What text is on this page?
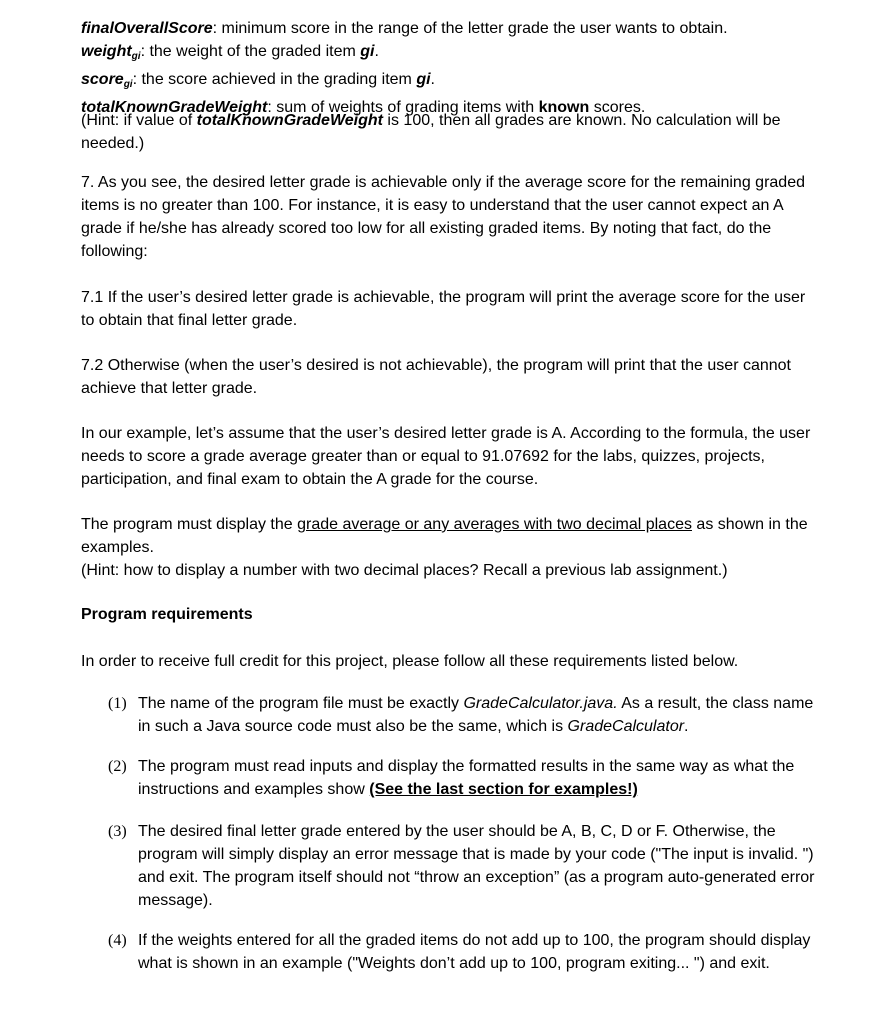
finalOverallScore: minimum score in the range of the letter grade the user wants to obtain.
weight$_{gi}$: the weight of the graded item gi.
score$_{gi}$: the score achieved in the grading item gi.
totalKnownGradeWeight: sum of weights of grading items with known scores.

(Hint: if value of totalKnownGradeWeight is 100, then all grades are known. No calculation will be needed.)

7. As you see, the desired letter grade is achievable only if the average score for the remaining graded items is no greater than 100. For instance, it is easy to understand that the user cannot expect an A grade if he/she has already scored too low for all existing graded items. By noting that fact, do the following:

7.1 If the user’s desired letter grade is achievable, the program will print the average score for the user to obtain that final letter grade.

7.2 Otherwise (when the user’s desired is not achievable), the program will print that the user cannot achieve that letter grade.

In our example, let’s assume that the user’s desired letter grade is A. According to the formula, the user needs to score a grade average greater than or equal to 91.07692 for the labs, quizzes, projects, participation, and final exam to obtain the A grade for the course.

The program must display the grade average or any averages with two decimal places as shown in the examples.

(Hint: how to display a number with two decimal places? Recall a previous lab assignment.)

Program requirements

In order to receive full credit for this project, please follow all these requirements listed below.

(1) The name of the program file must be exactly GradeCalculator.java. As a result, the class name in such a Java source code must also be the same, which is GradeCalculator.
(2) The program must read inputs and display the formatted results in the same way as what the instructions and examples show (See the last section for examples!)
(3) The desired final letter grade entered by the user should be A, B, C, D or F. Otherwise, the program will simply display an error message that is made by your code ("The input is invalid. ") and exit. The program itself should not “throw an exception” (as a program auto-generated error message).
(4) If the weights entered for all the graded items do not add up to 100, the program should display what is shown in an example ("Weights don’t add up to 100, program exiting... ") and exit.
